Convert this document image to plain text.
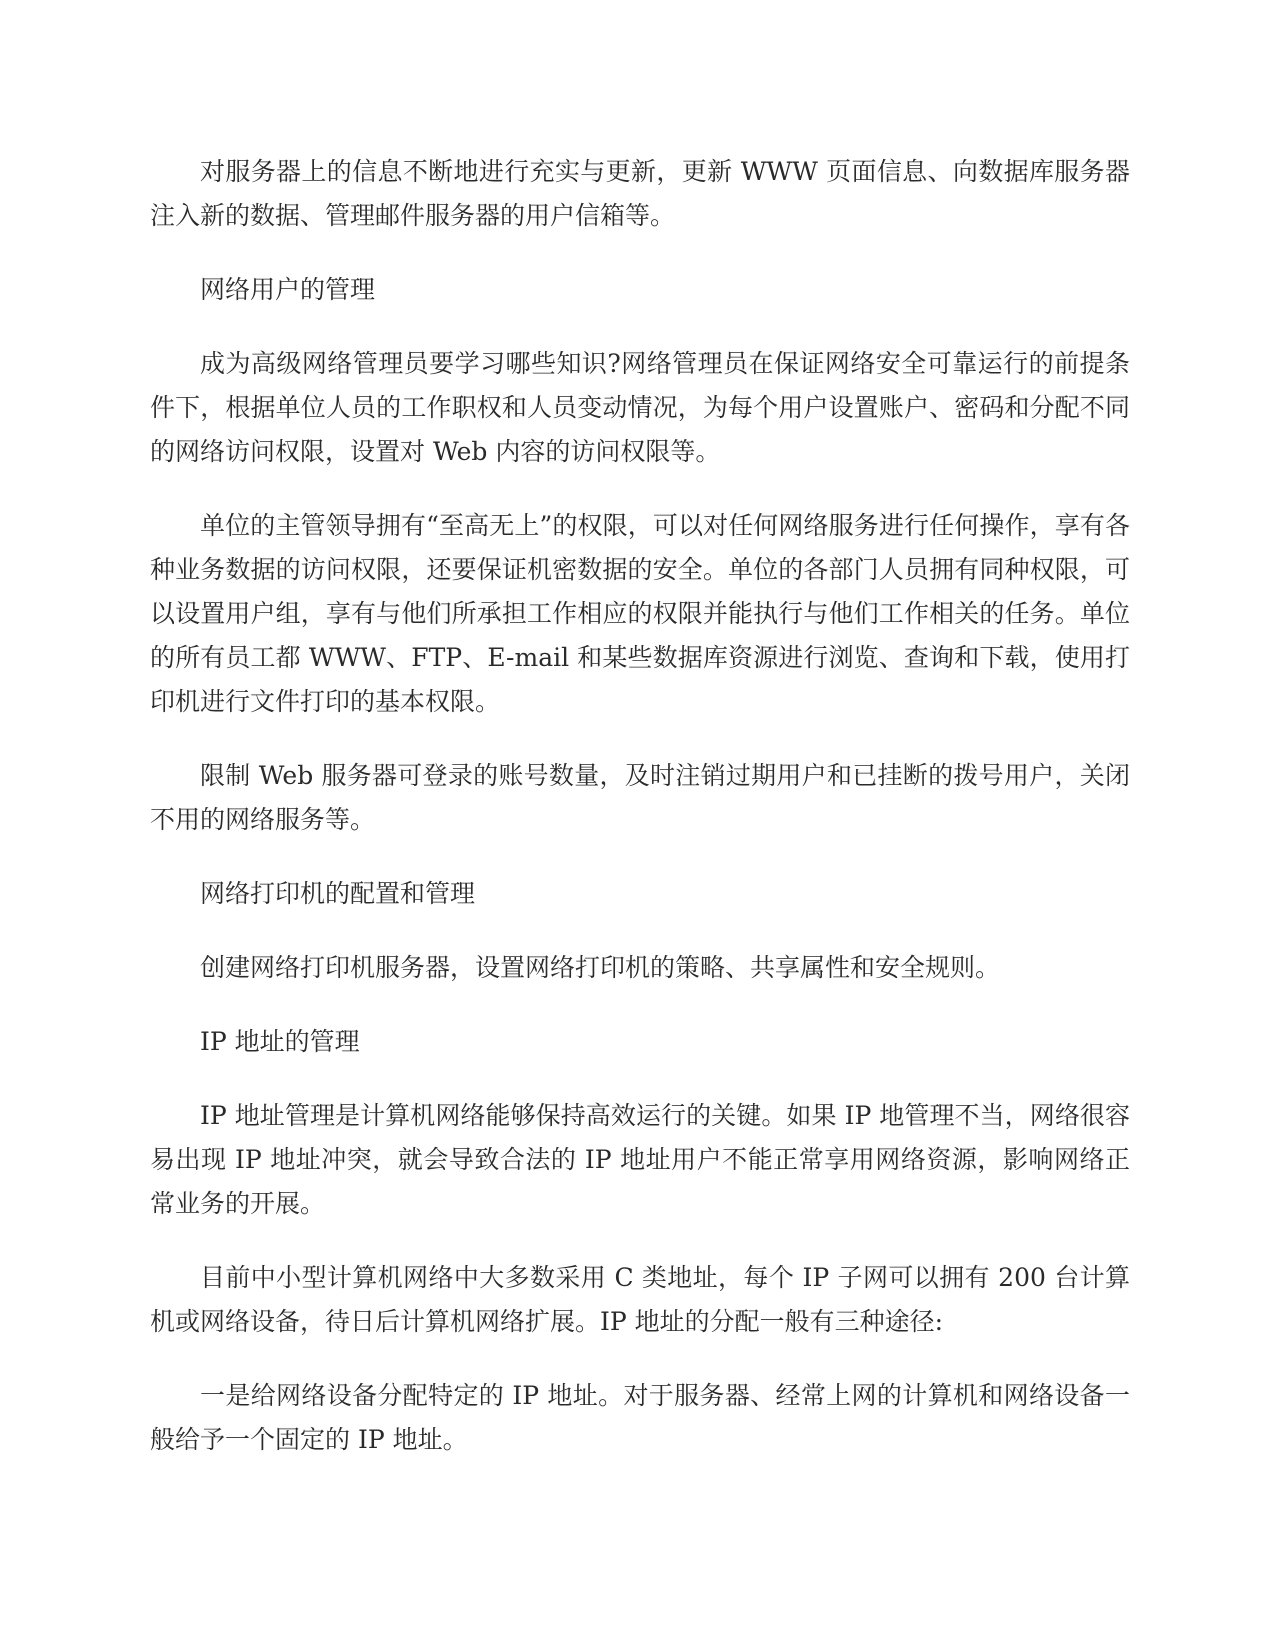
对服务器上的信息不断地进行充实与更新，更新 WWW 页面信息、向数据库服务器注入新的数据、管理邮件服务器的用户信箱等。

网络用户的管理

成为高级网络管理员要学习哪些知识?网络管理员在保证网络安全可靠运行的前提条件下，根据单位人员的工作职权和人员变动情况，为每个用户设置账户、密码和分配不同的网络访问权限，设置对 Web 内容的访问权限等。

单位的主管领导拥有“至高无上”的权限，可以对任何网络服务进行任何操作，享有各种业务数据的访问权限，还要保证机密数据的安全。单位的各部门人员拥有同种权限，可以设置用户组，享有与他们所承担工作相应的权限并能执行与他们工作相关的任务。单位的所有员工都 WWW、FTP、E-mail 和某些数据库资源进行浏览、查询和下载，使用打印机进行文件打印的基本权限。

限制 Web 服务器可登录的账号数量，及时注销过期用户和已挂断的拨号用户，关闭不用的网络服务等。

网络打印机的配置和管理

创建网络打印机服务器，设置网络打印机的策略、共享属性和安全规则。

IP 地址的管理

IP 地址管理是计算机网络能够保持高效运行的关键。如果 IP 地管理不当，网络很容易出现 IP 地址冲突，就会导致合法的 IP 地址用户不能正常享用网络资源，影响网络正常业务的开展。

目前中小型计算机网络中大多数采用 C 类地址，每个 IP 子网可以拥有 200 台计算机或网络设备，待日后计算机网络扩展。IP 地址的分配一般有三种途径:

一是给网络设备分配特定的 IP 地址。对于服务器、经常上网的计算机和网络设备一般给予一个固定的 IP 地址。
